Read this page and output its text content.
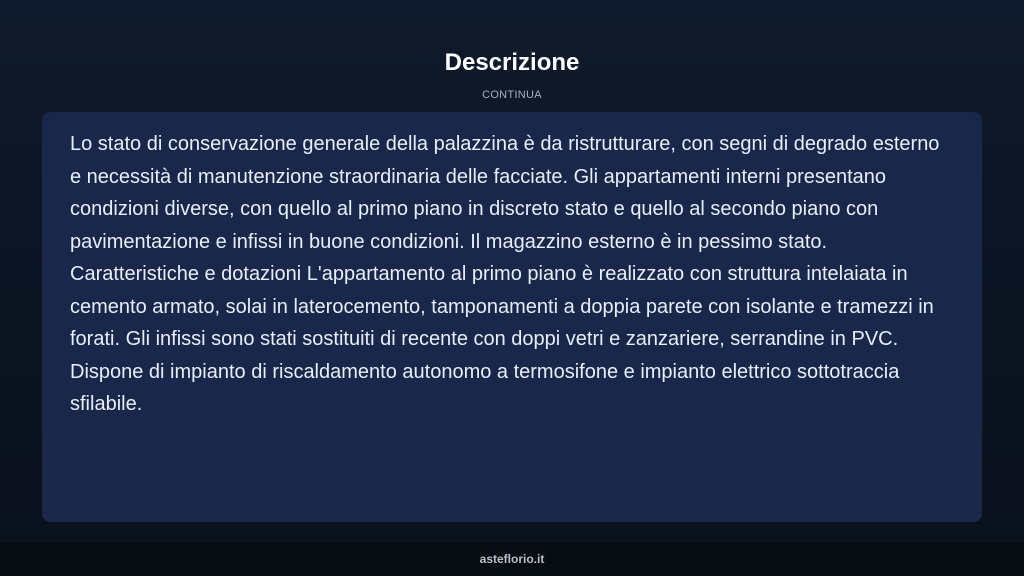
Descrizione
CONTINUA

Lo stato di conservazione generale della palazzina è da ristrutturare, con segni di degrado esterno e necessità di manutenzione straordinaria delle facciate. Gli appartamenti interni presentano condizioni diverse, con quello al primo piano in discreto stato e quello al secondo piano con pavimentazione e infissi in buone condizioni. Il magazzino esterno è in pessimo stato. Caratteristiche e dotazioni L'appartamento al primo piano è realizzato con struttura intelaiata in cemento armato, solai in laterocemento, tamponamenti a doppia parete con isolante e tramezzi in forati. Gli infissi sono stati sostituiti di recente con doppi vetri e zanzariere, serrandine in PVC. Dispone di impianto di riscaldamento autonomo a termosifone e impianto elettrico sottotraccia sfilabile.

asteflorio.it
